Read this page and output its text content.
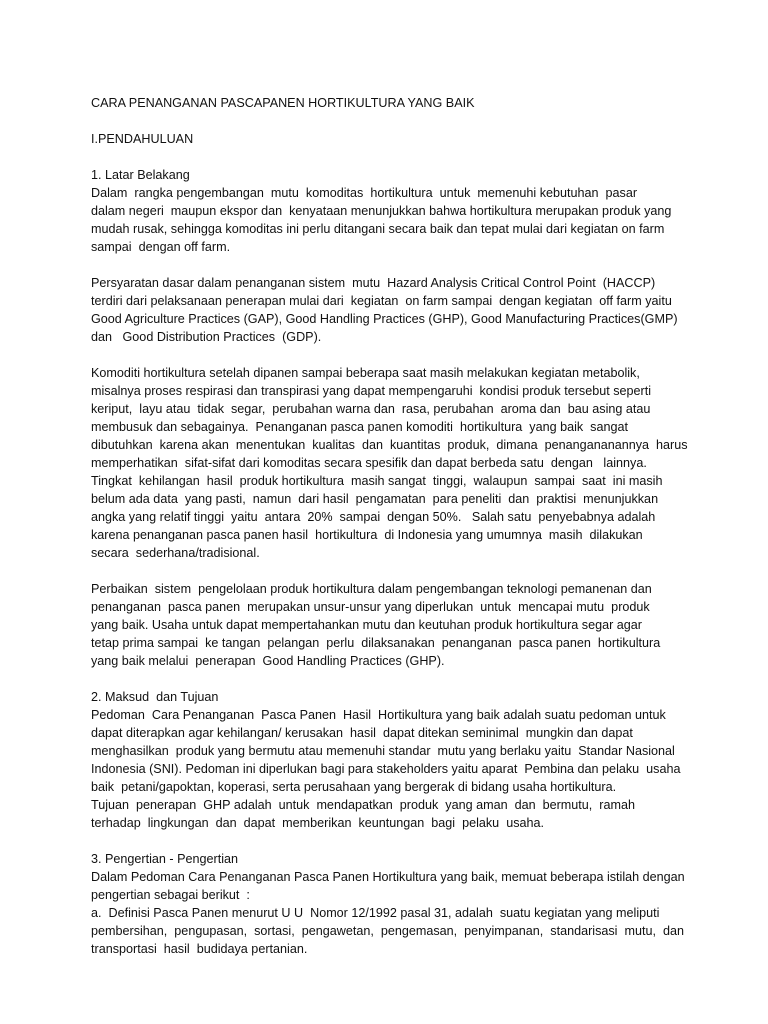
CARA PENANGANAN PASCAPANEN HORTIKULTURA YANG BAIK
I.PENDAHULUAN
1. Latar Belakang
Dalam  rangka pengembangan  mutu  komoditas  hortikultura  untuk  memenuhi kebutuhan  pasar
dalam negeri  maupun ekspor dan  kenyataan menunjukkan bahwa hortikultura merupakan produk yang
mudah rusak, sehingga komoditas ini perlu ditangani secara baik dan tepat mulai dari kegiatan on farm
sampai  dengan off farm.
Persyaratan dasar dalam penanganan sistem  mutu  Hazard Analysis Critical Control Point  (HACCP)
terdiri dari pelaksanaan penerapan mulai dari  kegiatan  on farm sampai  dengan kegiatan  off farm yaitu
Good Agriculture Practices (GAP), Good Handling Practices (GHP), Good Manufacturing Practices(GMP)
dan   Good Distribution Practices  (GDP).
Komoditi hortikultura setelah dipanen sampai beberapa saat masih melakukan kegiatan metabolik,
misalnya proses respirasi dan transpirasi yang dapat mempengaruhi  kondisi produk tersebut seperti
keriput,  layu atau  tidak  segar,  perubahan warna dan  rasa, perubahan  aroma dan  bau asing atau
membusuk dan sebagainya.  Penanganan pasca panen komoditi  hortikultura  yang baik  sangat
dibutuhkan  karena akan  menentukan  kualitas  dan  kuantitas  produk,  dimana  penangananannya  harus
memperhatikan  sifat-sifat dari komoditas secara spesifik dan dapat berbeda satu  dengan   lainnya.
Tingkat  kehilangan  hasil  produk hortikultura  masih sangat  tinggi,  walaupun  sampai  saat  ini masih
belum ada data  yang pasti,  namun  dari hasil  pengamatan  para peneliti  dan  praktisi  menunjukkan
angka yang relatif tinggi  yaitu  antara  20%  sampai  dengan 50%.   Salah satu  penyebabnya adalah
karena penanganan pasca panen hasil  hortikultura  di Indonesia yang umumnya  masih  dilakukan
secara  sederhana/tradisional.
Perbaikan  sistem  pengelolaan produk hortikultura dalam pengembangan teknologi pemanenan dan
penanganan  pasca panen  merupakan unsur-unsur yang diperlukan  untuk  mencapai mutu  produk
yang baik. Usaha untuk dapat mempertahankan mutu dan keutuhan produk hortikultura segar agar
tetap prima sampai  ke tangan  pelangan  perlu  dilaksanakan  penanganan  pasca panen  hortikultura
yang baik melalui  penerapan  Good Handling Practices (GHP).
2. Maksud  dan Tujuan
Pedoman  Cara Penanganan  Pasca Panen  Hasil  Hortikultura yang baik adalah suatu pedoman untuk
dapat diterapkan agar kehilangan/ kerusakan  hasil  dapat ditekan seminimal  mungkin dan dapat
menghasilkan  produk yang bermutu atau memenuhi standar  mutu yang berlaku yaitu  Standar Nasional
Indonesia (SNI). Pedoman ini diperlukan bagi para stakeholders yaitu aparat  Pembina dan pelaku  usaha
baik  petani/gapoktan, koperasi, serta perusahaan yang bergerak di bidang usaha hortikultura.
Tujuan  penerapan  GHP adalah  untuk  mendapatkan  produk  yang aman  dan  bermutu,  ramah
terhadap  lingkungan  dan  dapat  memberikan  keuntungan  bagi  pelaku  usaha.
3. Pengertian - Pengertian
Dalam Pedoman Cara Penanganan Pasca Panen Hortikultura yang baik, memuat beberapa istilah dengan
pengertian sebagai berikut  :
a.  Definisi Pasca Panen menurut U U  Nomor 12/1992 pasal 31, adalah  suatu kegiatan yang meliputi
pembersihan,  pengupasan,  sortasi,  pengawetan,  pengemasan,  penyimpanan,  standarisasi  mutu,  dan
transportasi  hasil  budidaya pertanian.
